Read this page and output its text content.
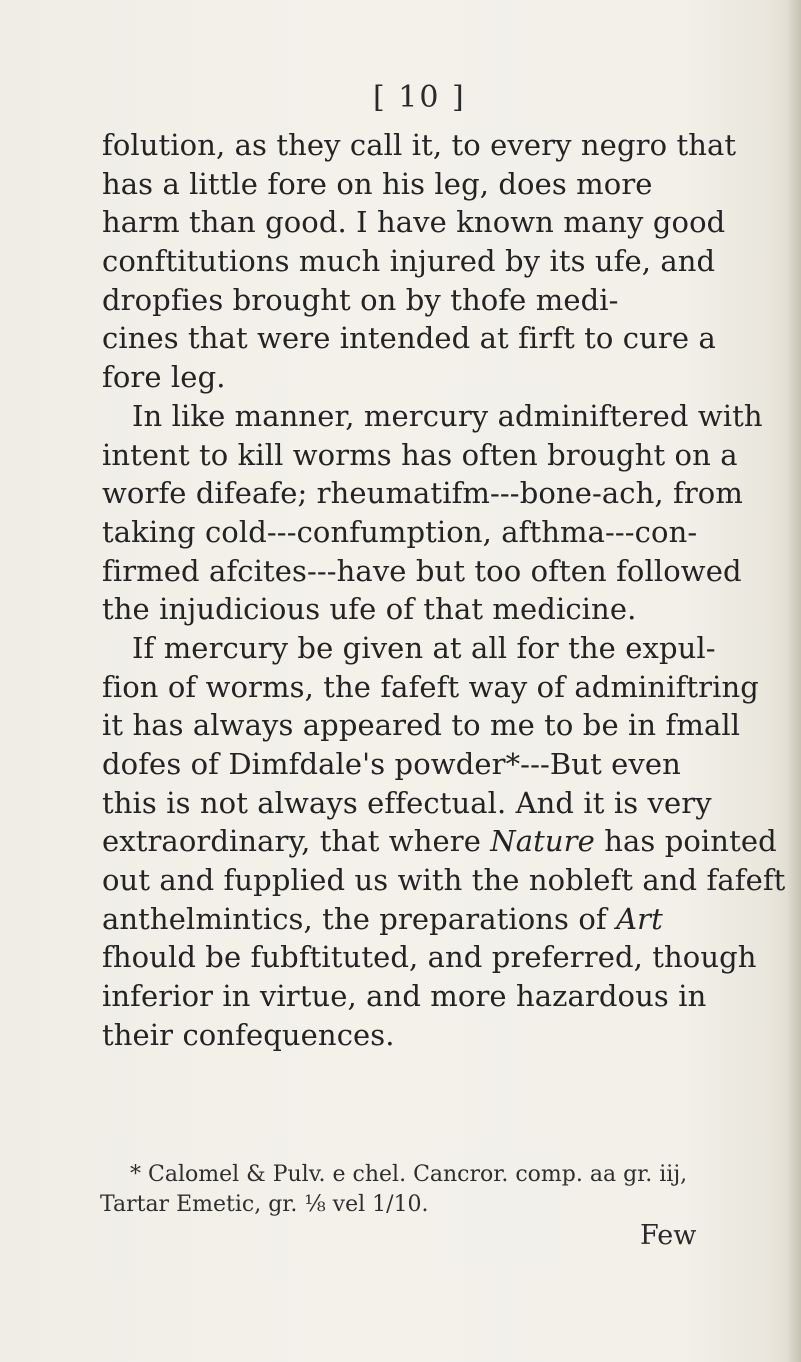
[ 10 ]
folution, as they call it, to every negro that
has a little fore on his leg, does more
harm than good. I have known many good
conftitutions much injured by its ufe, and
dropfies brought on by thofe medi-
cines that were intended at firft to cure a
fore leg.
In like manner, mercury adminiftered with
intent to kill worms has often brought on a
worfe difeafe; rheumatifm---bone-ach, from
taking cold---confumption, afthma---con-
firmed afcites---have but too often followed
the injudicious ufe of that medicine.
If mercury be given at all for the expul-
fion of worms, the fafeft way of adminiftring
it has always appeared to me to be in fmall
dofes of Dimfdale's powder*---But even
this is not always effectual. And it is very
extraordinary, that where Nature has pointed
out and fupplied us with the nobleft and fafeft
anthelmintics, the preparations of Art
fhould be fubftituted, and preferred, though
inferior in virtue, and more hazardous in
their confequences.
* Calomel & Pulv. e chel. Cancror. comp. aa gr. iij,
Tartar Emetic, gr. ⅛ vel 1/10.
Few
